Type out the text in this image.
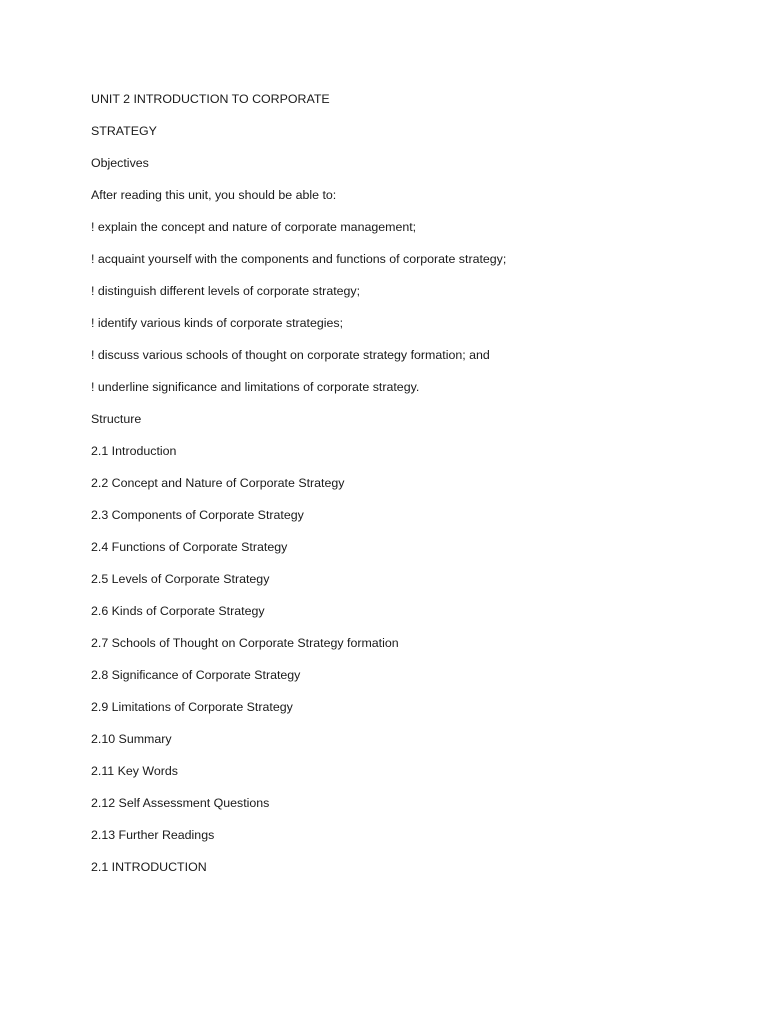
UNIT 2 INTRODUCTION TO CORPORATE
STRATEGY
Objectives
After reading this unit, you should be able to:
! explain the concept and nature of corporate management;
! acquaint yourself with the components and functions of corporate strategy;
! distinguish different levels of corporate strategy;
! identify various kinds of corporate strategies;
! discuss various schools of thought on corporate strategy formation; and
! underline significance and limitations of corporate strategy.
Structure
2.1 Introduction
2.2 Concept and Nature of Corporate Strategy
2.3 Components of Corporate Strategy
2.4 Functions of Corporate Strategy
2.5 Levels of Corporate Strategy
2.6 Kinds of Corporate Strategy
2.7 Schools of Thought on Corporate Strategy formation
2.8 Significance of Corporate Strategy
2.9 Limitations of Corporate Strategy
2.10 Summary
2.11 Key Words
2.12 Self Assessment Questions
2.13 Further Readings
2.1 INTRODUCTION
